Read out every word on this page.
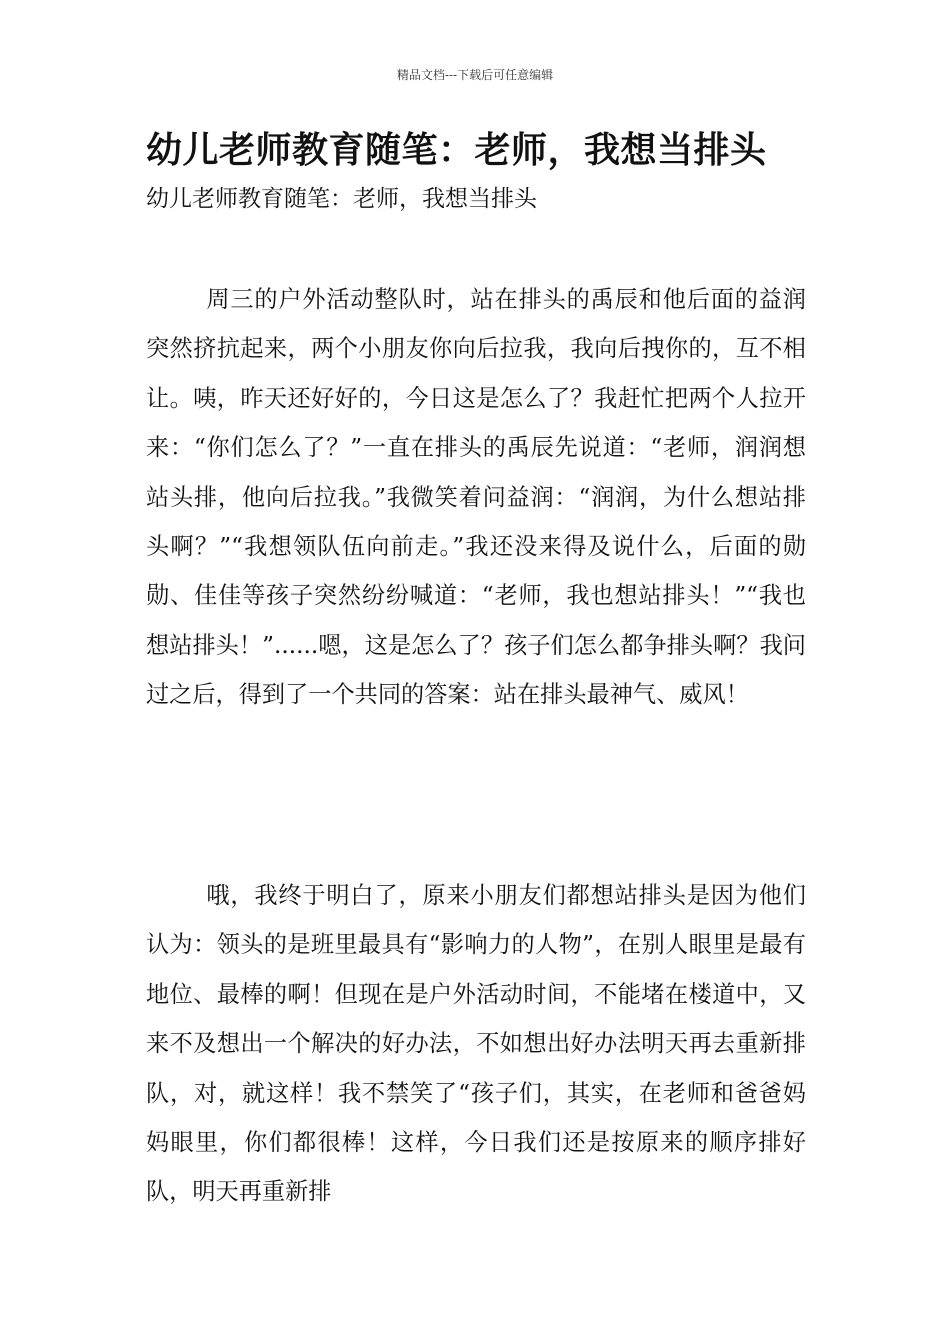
精品文档---下载后可任意编辑
幼儿老师教育随笔：老师，我想当排头
幼儿老师教育随笔：老师，我想当排头

周三的户外活动整队时，站在排头的禹辰和他后面的益润突然挤抗起来，两个小朋友你向后拉我，我向后拽你的，互不相让。咦，昨天还好好的，今日这是怎么了？我赶忙把两个人拉开来：“你们怎么了？”一直在排头的禹辰先说道：“老师，润润想站头排，他向后拉我。”我微笑着问益润：“润润，为什么想站排头啊？”“我想领队伍向前走。”我还没来得及说什么，后面的勋勋、佳佳等孩子突然纷纷喊道：“老师，我也想站排头！”“我也想站排头！”......嗯，这是怎么了？孩子们怎么都争排头啊？我问过之后，得到了一个共同的答案：站在排头最神气、威风！

哦，我终于明白了，原来小朋友们都想站排头是因为他们认为：领头的是班里最具有“影响力的人物”，在别人眼里是最有地位、最棒的啊！但现在是户外活动时间，不能堵在楼道中，又来不及想出一个解决的好办法，不如想出好办法明天再去重新排队，对，就这样！我不禁笑了“孩子们，其实，在老师和爸爸妈妈眼里，你们都很棒！这样，今日我们还是按原来的顺序排好队，明天再重新排
